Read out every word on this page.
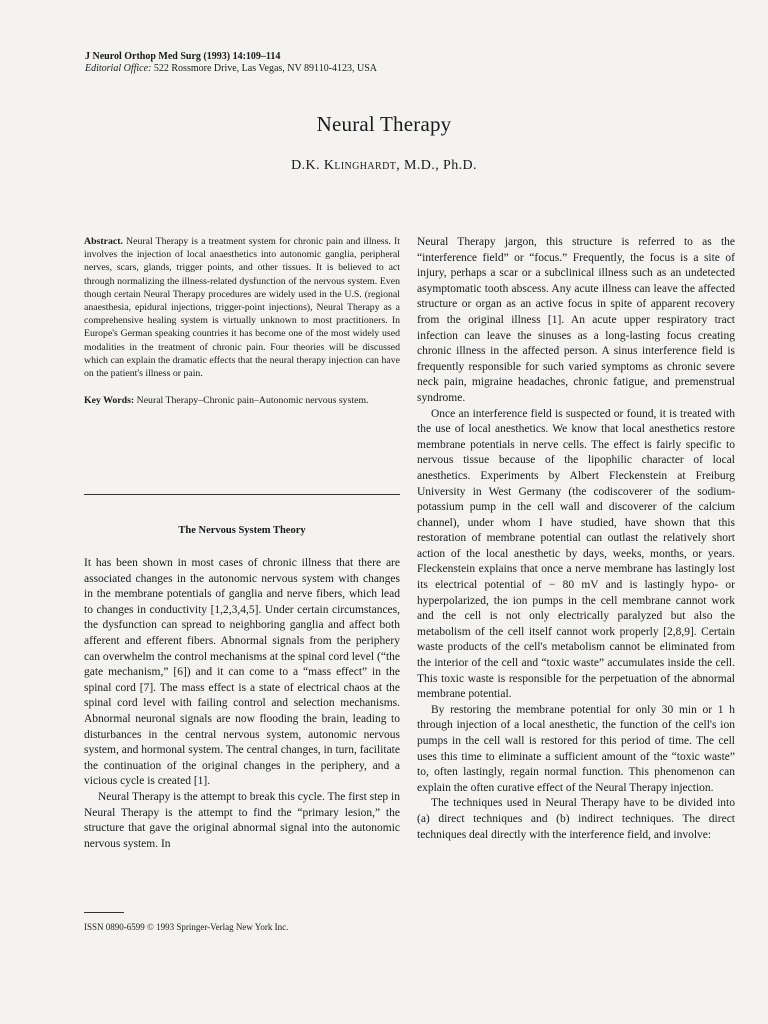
J Neurol Orthop Med Surg (1993) 14:109–114
Editorial Office: 522 Rossmore Drive, Las Vegas, NV 89110-4123, USA
Neural Therapy
D.K. Klinghardt, M.D., Ph.D.

Abstract. Neural Therapy is a treatment system for chronic pain and illness. It involves the injection of local anaesthetics into autonomic ganglia, peripheral nerves, scars, glands, trigger points, and other tissues. It is believed to act through normalizing the illness-related dysfunction of the nervous system. Even though certain Neural Therapy procedures are widely used in the U.S. (regional anaesthesia, epidural injections, trigger-point injections), Neural Therapy as a comprehensive healing system is virtually unknown to most practitioners. In Europe's German speaking countries it has become one of the most widely used modalities in the treatment of chronic pain. Four theories will be discussed which can explain the dramatic effects that the neural therapy injection can have on the patient's illness or pain.

Key Words: Neural Therapy–Chronic pain–Autonomic nervous system.

The Nervous System Theory

It has been shown in most cases of chronic illness that there are associated changes in the autonomic nervous system with changes in the membrane potentials of ganglia and nerve fibers, which lead to changes in conductivity [1,2,3,4,5]. Under certain circumstances, the dysfunction can spread to neighboring ganglia and affect both afferent and efferent fibers. Abnormal signals from the periphery can overwhelm the control mechanisms at the spinal cord level (“the gate mechanism,” [6]) and it can come to a “mass effect” in the spinal cord [7]. The mass effect is a state of electrical chaos at the spinal cord level with failing control and selection mechanisms. Abnormal neuronal signals are now flooding the brain, leading to disturbances in the central nervous system, autonomic nervous system, and hormonal system. The central changes, in turn, facilitate the continuation of the original changes in the periphery, and a vicious cycle is created [1].

Neural Therapy is the attempt to break this cycle. The first step in Neural Therapy is the attempt to find the “primary lesion,” the structure that gave the original abnormal signal into the autonomic nervous system. In

Neural Therapy jargon, this structure is referred to as the “interference field” or “focus.” Frequently, the focus is a site of injury, perhaps a scar or a subclinical illness such as an undetected asymptomatic tooth abscess. Any acute illness can leave the affected structure or organ as an active focus in spite of apparent recovery from the original illness [1]. An acute upper respiratory tract infection can leave the sinuses as a long-lasting focus creating chronic illness in the affected person. A sinus interference field is frequently responsible for such varied symptoms as chronic severe neck pain, migraine headaches, chronic fatigue, and premenstrual syndrome.

Once an interference field is suspected or found, it is treated with the use of local anesthetics. We know that local anesthetics restore membrane potentials in nerve cells. The effect is fairly specific to nervous tissue because of the lipophilic character of local anesthetics. Experiments by Albert Fleckenstein at Freiburg University in West Germany (the codiscoverer of the sodium-potassium pump in the cell wall and discoverer of the calcium channel), under whom I have studied, have shown that this restoration of membrane potential can outlast the relatively short action of the local anesthetic by days, weeks, months, or years. Fleckenstein explains that once a nerve membrane has lastingly lost its electrical potential of − 80 mV and is lastingly hypo- or hyperpolarized, the ion pumps in the cell membrane cannot work and the cell is not only electrically paralyzed but also the metabolism of the cell itself cannot work properly [2,8,9]. Certain waste products of the cell's metabolism cannot be eliminated from the interior of the cell and “toxic waste” accumulates inside the cell. This toxic waste is responsible for the perpetuation of the abnormal membrane potential.

By restoring the membrane potential for only 30 min or 1 h through injection of a local anesthetic, the function of the cell's ion pumps in the cell wall is restored for this period of time. The cell uses this time to eliminate a sufficient amount of the “toxic waste” to, often lastingly, regain normal function. This phenomenon can explain the often curative effect of the Neural Therapy injection.

The techniques used in Neural Therapy have to be divided into (a) direct techniques and (b) indirect techniques. The direct techniques deal directly with the interference field, and involve:

ISSN 0890-6599 © 1993 Springer-Verlag New York Inc.
